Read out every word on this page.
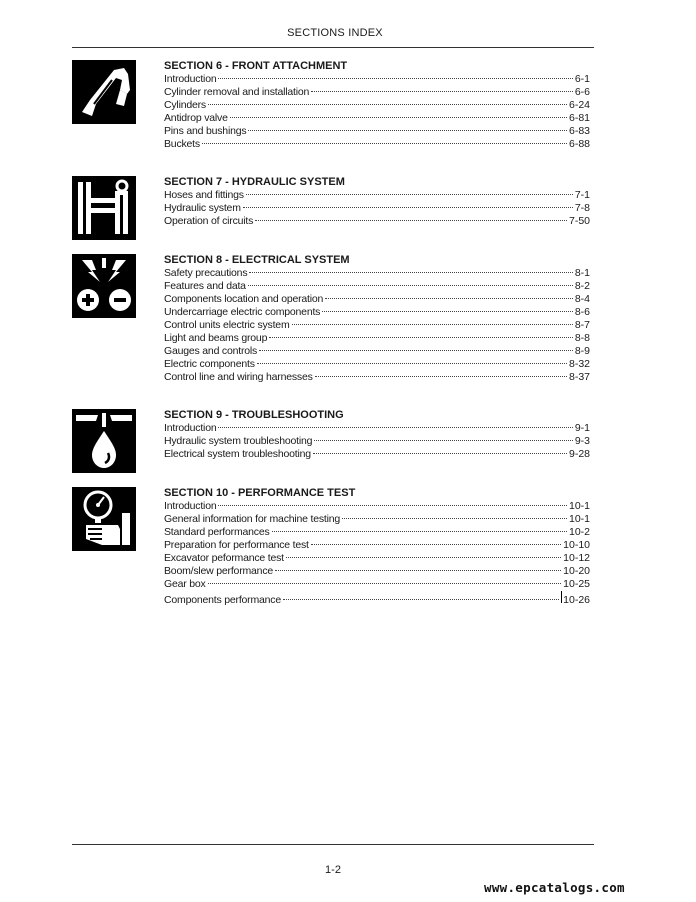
SECTIONS INDEX
SECTION 6 - FRONT ATTACHMENT
Introduction	6-1
Cylinder removal and installation	6-6
Cylinders	6-24
Antidrop valve	6-81
Pins and bushings	6-83
Buckets	6-88
SECTION 7 - HYDRAULIC SYSTEM
Hoses and fittings	7-1
Hydraulic system	7-8
Operation of circuits	7-50
SECTION 8 - ELECTRICAL SYSTEM
Safety precautions	8-1
Features and data	8-2
Components location and operation	8-4
Undercarriage electric components	8-6
Control units electric system	8-7
Light and beams group	8-8
Gauges and controls	8-9
Electric components	8-32
Control line and wiring harnesses	8-37
SECTION 9 - TROUBLESHOOTING
Introduction	9-1
Hydraulic system troubleshooting	9-3
Electrical system troubleshooting	9-28
SECTION 10 - PERFORMANCE TEST
Introduction	10-1
General information for machine testing	10-1
Standard performances	10-2
Preparation for performance test	10-10
Excavator peformance test	10-12
Boom/slew performance	10-20
Gear box	10-25
Components performance	10-26
1-2
www.epcatalogs.com
